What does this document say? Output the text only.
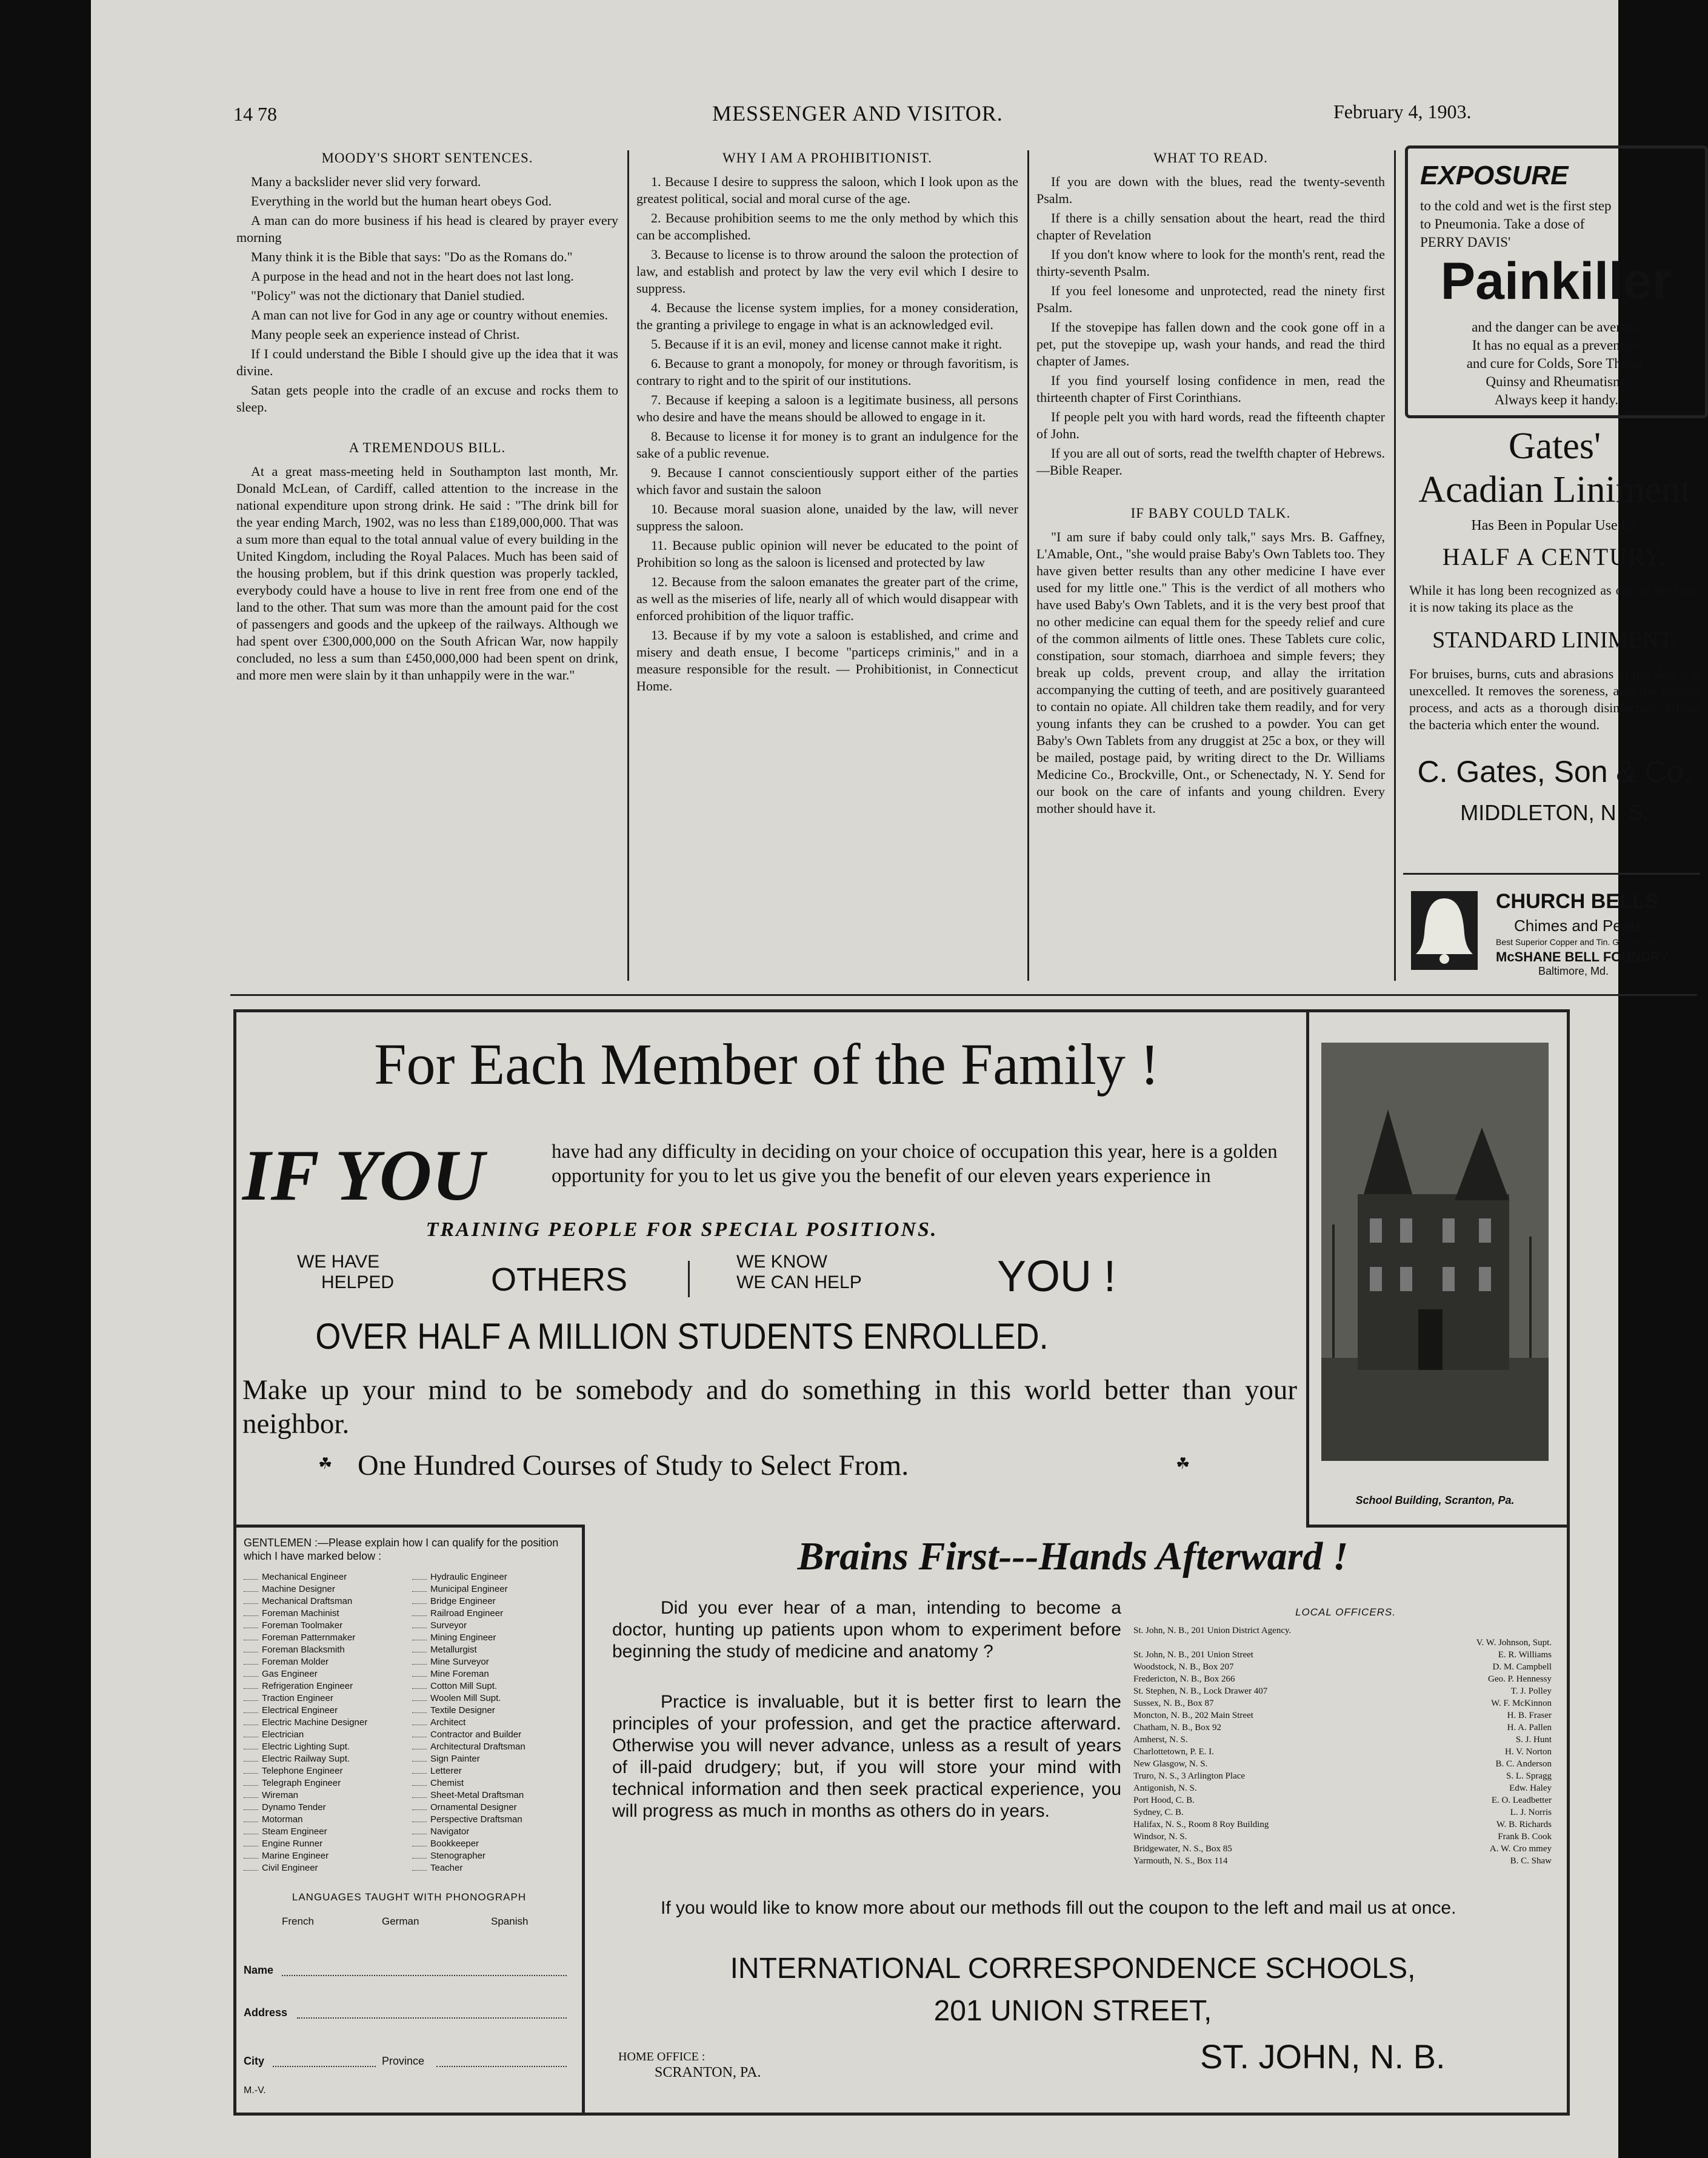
14 78	MESSENGER AND VISITOR.	February 4, 1903.
MOODY'S SHORT SENTENCES.

Many a backslider never slid very forward.

Everything in the world but the human heart obeys God.

A man can do more business if his head is cleared by prayer every morning

Many think it is the Bible that says: "Do as the Romans do."

A purpose in the head and not in the heart does not last long.

"Policy" was not the dictionary that Daniel studied.

A man can not live for God in any age or country without enemies.

Many people seek an experience instead of Christ.

If I could understand the Bible I should give up the idea that it was divine.

Satan gets people into the cradle of an excuse and rocks them to sleep.

A TREMENDOUS BILL.

At a great mass-meeting held in Southampton last month, Mr. Donald McLean, of Cardiff, called attention to the increase in the national expenditure upon strong drink. He said : "The drink bill for the year ending March, 1902, was no less than £189,000,000. That was a sum more than equal to the total annual value of every building in the United Kingdom, including the Royal Palaces. Much has been said of the housing problem, but if this drink question was properly tackled, everybody could have a house to live in rent free from one end of the land to the other. That sum was more than the amount paid for the cost of passengers and goods and the upkeep of the railways. Although we had spent over £300,000,000 on the South African War, now happily concluded, no less a sum than £450,000,000 had been spent on drink, and more men were slain by it than unhappily were in the war."

WHY I AM A PROHIBITIONIST.

1. Because I desire to suppress the saloon, which I look upon as the greatest political, social and moral curse of the age.

2. Because prohibition seems to me the only method by which this can be accomplished.

3. Because to license is to throw around the saloon the protection of law, and establish and protect by law the very evil which I desire to suppress.

4. Because the license system implies, for a money consideration, the granting a privilege to engage in what is an acknowledged evil.

5. Because if it is an evil, money and license cannot make it right.

6. Because to grant a monopoly, for money or through favoritism, is contrary to right and to the spirit of our institutions.

7. Because if keeping a saloon is a legitimate business, all persons who desire and have the means should be allowed to engage in it.

8. Because to license it for money is to grant an indulgence for the sake of a public revenue.

9. Because I cannot conscientiously support either of the parties which favor and sustain the saloon

10. Because moral suasion alone, unaided by the law, will never suppress the saloon.

11. Because public opinion will never be educated to the point of Prohibition so long as the saloon is licensed and protected by law

12. Because from the saloon emanates the greater part of the crime, as well as the miseries of life, nearly all of which would disappear with enforced prohibition of the liquor traffic.

13. Because if by my vote a saloon is established, and crime and misery and death ensue, I become "particeps criminis," and in a measure responsible for the result. — Prohibitionist, in Connecticut Home.

WHAT TO READ.

If you are down with the blues, read the twenty-seventh Psalm.

If there is a chilly sensation about the heart, read the third chapter of Revelation

If you don't know where to look for the month's rent, read the thirty-seventh Psalm.

If you feel lonesome and unprotected, read the ninety first Psalm.

If the stovepipe has fallen down and the cook gone off in a pet, put the stovepipe up, wash your hands, and read the third chapter of James.

If you find yourself losing confidence in men, read the thirteenth chapter of First Corinthians.

If people pelt you with hard words, read the fifteenth chapter of John.

If you are all out of sorts, read the twelfth chapter of Hebrews.—Bible Reaper.

IF BABY COULD TALK.

"I am sure if baby could only talk," says Mrs. B. Gaffney, L'Amable, Ont., "she would praise Baby's Own Tablets too. They have given better results than any other medicine I have ever used for my little one." This is the verdict of all mothers who have used Baby's Own Tablets, and it is the very best proof that no other medicine can equal them for the speedy relief and cure of the common ailments of little ones. These Tablets cure colic, constipation, sour stomach, diarrhoea and simple fevers; they break up colds, prevent croup, and allay the irritation accompanying the cutting of teeth, and are positively guaranteed to contain no opiate. All children take them readily, and for very young infants they can be crushed to a powder. You can get Baby's Own Tablets from any druggist at 25c a box, or they will be mailed, postage paid, by writing direct to the Dr. Williams Medicine Co., Brockville, Ont., or Schenectady, N. Y. Send for our book on the care of infants and young children. Every mother should have it.

EXPOSURE
to the cold and wet is the first step
to Pneumonia. Take a dose of
PERRY DAVIS'
Painkiller
and the danger can be averted.
It has no equal as a preventive
and cure for Colds, Sore Throat,
Quinsy and Rheumatism.
Always keep it handy.
Gates'
Acadian Liniment
Has Been in Popular Use for
HALF A CENTURY.
While it has long been recognized as one of the best, it is now taking its place as the
STANDARD LINIMENT.
For bruises, burns, cuts and abrasions of the skin it is unexcelled. It removes the soreness, aids the healing process, and acts as a thorough disinfectant, killing the bacteria which enter the wound.
C. Gates, Son & Co.
MIDDLETON, N. S.
CHURCH BELLS
Chimes and Peals,
Best Superior Copper and Tin. Get our price.
McSHANE BELL FOUNDRY
Baltimore, Md.
For Each Member of the Family !
IF YOU	have had any difficulty in deciding on your choice of occupation this year, here is a golden opportunity for you to let us give you the benefit of our eleven years experience in
TRAINING PEOPLE FOR SPECIAL POSITIONS.
WE HAVE
HELPED	OTHERS	WE KNOW
WE CAN HELP	YOU !
OVER HALF A MILLION STUDENTS ENROLLED.
Make up your mind to be somebody and do something in this world better than your neighbor.
☘ One Hundred Courses of Study to Select From.	☘
School Building, Scranton, Pa.
GENTLEMEN :—Please explain how I can qualify for the position which I have marked below :
Mechanical Engineer
Machine Designer
Mechanical Draftsman
Foreman Machinist
Foreman Toolmaker
Foreman Patternmaker
Foreman Blacksmith
Foreman Molder
Gas Engineer
Refrigeration Engineer
Traction Engineer
Electrical Engineer
Electric Machine Designer
Electrician
Electric Lighting Supt.
Electric Railway Supt.
Telephone Engineer
Telegraph Engineer
Wireman
Dynamo Tender
Motorman
Steam Engineer
Engine Runner
Marine Engineer
Civil Engineer
Hydraulic Engineer
Municipal Engineer
Bridge Engineer
Railroad Engineer
Surveyor
Mining Engineer
Metallurgist
Mine Surveyor
Mine Foreman
Cotton Mill Supt.
Woolen Mill Supt.
Textile Designer
Architect
Contractor and Builder
Architectural Draftsman
Sign Painter
Letterer
Chemist
Sheet-Metal Draftsman
Ornamental Designer
Perspective Draftsman
Navigator
Bookkeeper
Stenographer
Teacher
LANGUAGES TAUGHT WITH PHONOGRAPH
French	German	Spanish
Name
Address
City	Province
M.-V.
Brains First---Hands Afterward !
Did you ever hear of a man, intending to become a doctor, hunting up patients upon whom to experiment before beginning the study of medicine and anatomy ?
Practice is invaluable, but it is better first to learn the principles of your profession, and get the practice afterward. Otherwise you will never advance, unless as a result of years of ill-paid drudgery; but, if you will store your mind with technical information and then seek practical experience, you will progress as much in months as others do in years.
LOCAL OFFICERS.
St. John, N. B., 201 Union District Agency.
V. W. Johnson, Supt.
St. John, N. B., 201 Union Street	E. R. Williams
Woodstock, N. B., Box 207	D. M. Campbell
Fredericton, N. B., Box 266	Geo. P. Hennessy
St. Stephen, N. B., Lock Drawer 407	T. J. Polley
Sussex, N. B., Box 87	W. F. McKinnon
Moncton, N. B., 202 Main Street	H. B. Fraser
Chatham, N. B., Box 92	H. A. Pallen
Amherst, N. S.	S. J. Hunt
Charlottetown, P. E. I.	H. V. Norton
New Glasgow, N. S.	B. C. Anderson
Truro, N. S., 3 Arlington Place	S. L. Spragg
Antigonish, N. S.	Edw. Haley
Port Hood, C. B.	E. O. Leadbetter
Sydney, C. B.	L. J. Norris
Halifax, N. S., Room 8 Roy Building	W. B. Richards
Windsor, N. S.	Frank B. Cook
Bridgewater, N. S., Box 85	A. W. Cro mmey
Yarmouth, N. S., Box 114	B. C. Shaw
If you would like to know more about our methods fill out the coupon to the left and mail us at once.
INTERNATIONAL CORRESPONDENCE SCHOOLS,
201 UNION STREET,
HOME OFFICE :
SCRANTON, PA.	ST. JOHN, N. B.
